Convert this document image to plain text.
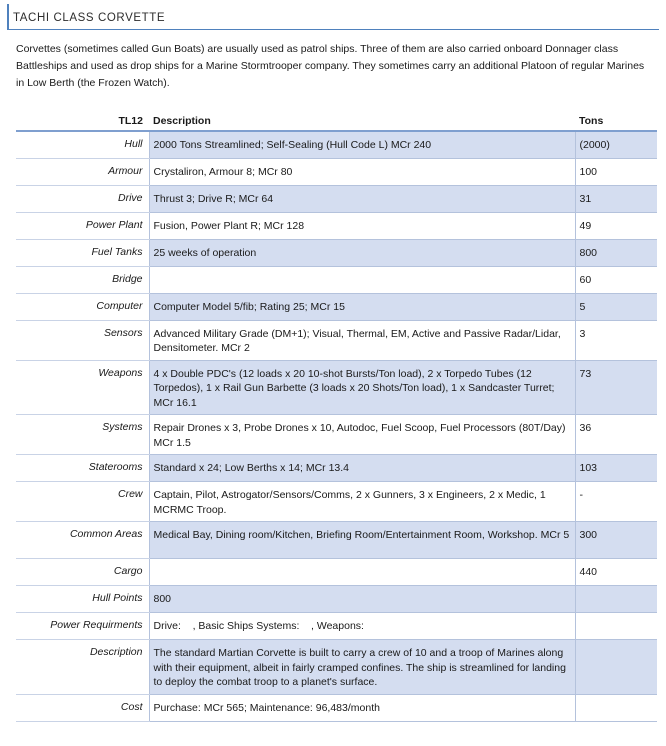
TACHI CLASS CORVETTE
Corvettes (sometimes called Gun Boats) are usually used as patrol ships. Three of them are also carried onboard Donnager class Battleships and used as drop ships for a Marine Stormtrooper company. They sometimes carry an additional Platoon of regular Marines in Low Berth (the Frozen Watch).
TL12	Description	Tons
Hull	2000 Tons Streamlined; Self-Sealing (Hull Code L) MCr 240	(2000)
Armour	Crystaliron, Armour 8; MCr 80	100
Drive	Thrust 3; Drive R; MCr 64	31
Power Plant	Fusion, Power Plant R; MCr 128	49
Fuel Tanks	25 weeks of operation	800
Bridge		60
Computer	Computer Model 5/fib; Rating 25; MCr 15	5
Sensors	Advanced Military Grade (DM+1); Visual, Thermal, EM, Active and Passive Radar/Lidar, Densitometer. MCr 2	3
Weapons	4 x Double PDC's (12 loads x 20 10-shot Bursts/Ton load), 2 x Torpedo Tubes (12 Torpedos), 1 x Rail Gun Barbette (3 loads x 20 Shots/Ton load), 1 x Sandcaster Turret; MCr 16.1	73
Systems	Repair Drones x 3, Probe Drones x 10, Autodoc, Fuel Scoop, Fuel Processors (80T/Day) MCr 1.5	36
Staterooms	Standard x 24; Low Berths x 14; MCr 13.4	103
Crew	Captain, Pilot, Astrogator/Sensors/Comms, 2 x Gunners, 3 x Engineers, 2 x Medic, 1 MCRMC Troop.	-
Common Areas	Medical Bay, Dining room/Kitchen, Briefing Room/Entertainment Room, Workshop. MCr 5	300
Cargo		440
Hull Points	800	
Power Requirments	Drive:    , Basic Ships Systems:    , Weapons:	
Description	The standard Martian Corvette is built to carry a crew of 10 and a troop of Marines along with their equipment, albeit in fairly cramped confines. The ship is streamlined for landing to deploy the combat troop to a planet's surface.	
Cost	Purchase: MCr 565; Maintenance: 96,483/month	
